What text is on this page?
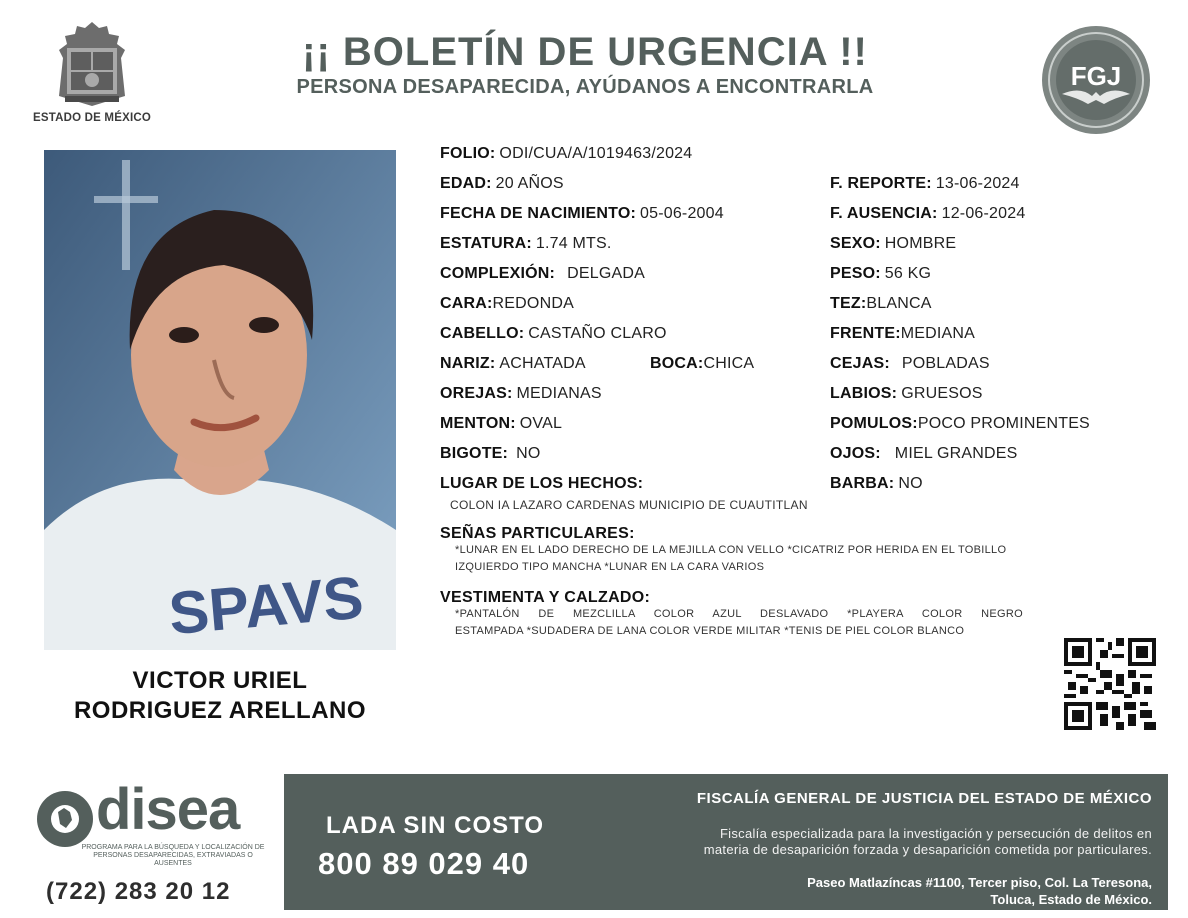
ESTADO DE MÉXICO
¡¡ BOLETÍN DE URGENCIA !!
PERSONA DESAPARECIDA, AYÚDANOS A ENCONTRARLA	FGJ
SPAVS
VICTOR URIEL
RODRIGUEZ ARELLANO
FOLIO: ODI/CUA/A/1019463/2024
EDAD: 20 AÑOS	F. REPORTE: 13-06-2024
FECHA DE NACIMIENTO: 05-06-2004	F. AUSENCIA: 12-06-2024
ESTATURA: 1.74 MTS.	SEXO: HOMBRE
COMPLEXIÓN: DELGADA	PESO: 56 KG
CARA:REDONDA	TEZ:BLANCA
CABELLO: CASTAÑO CLARO	FRENTE:MEDIANA
NARIZ: ACHATADA	BOCA:CHICA	CEJAS: POBLADAS
OREJAS: MEDIANAS	LABIOS: GRUESOS
MENTON: OVAL	POMULOS:POCO PROMINENTES
BIGOTE: NO	OJOS: MIEL GRANDES
LUGAR DE LOS HECHOS:	BARBA: NO
COLON IA LAZARO CARDENAS MUNICIPIO DE CUAUTITLAN
SEÑAS PARTICULARES:
*LUNAR EN EL LADO DERECHO DE LA MEJILLA CON VELLO *CICATRIZ POR HERIDA EN EL TOBILLO
IZQUIERDO TIPO MANCHA *LUNAR EN LA CARA VARIOS
VESTIMENTA Y CALZADO:
*PANTALÓN DE MEZCLILLA COLOR AZUL DESLAVADO *PLAYERA COLOR NEGRO
ESTAMPADA *SUDADERA DE LANA COLOR VERDE MILITAR *TENIS DE PIEL COLOR BLANCO
disea
PROGRAMA PARA LA BÚSQUEDA Y LOCALIZACIÓN DE PERSONAS DESAPARECIDAS, EXTRAVIADAS O AUSENTES
(722) 283 20 12
LADA SIN COSTO
800 89 029 40
FISCALÍA GENERAL DE JUSTICIA DEL ESTADO DE MÉXICO
Fiscalía especializada para la investigación y persecución de delitos en
materia de desaparición forzada y desaparición cometida por particulares.
Paseo Matlazíncas #1100, Tercer piso, Col. La Teresona,
Toluca, Estado de México.
